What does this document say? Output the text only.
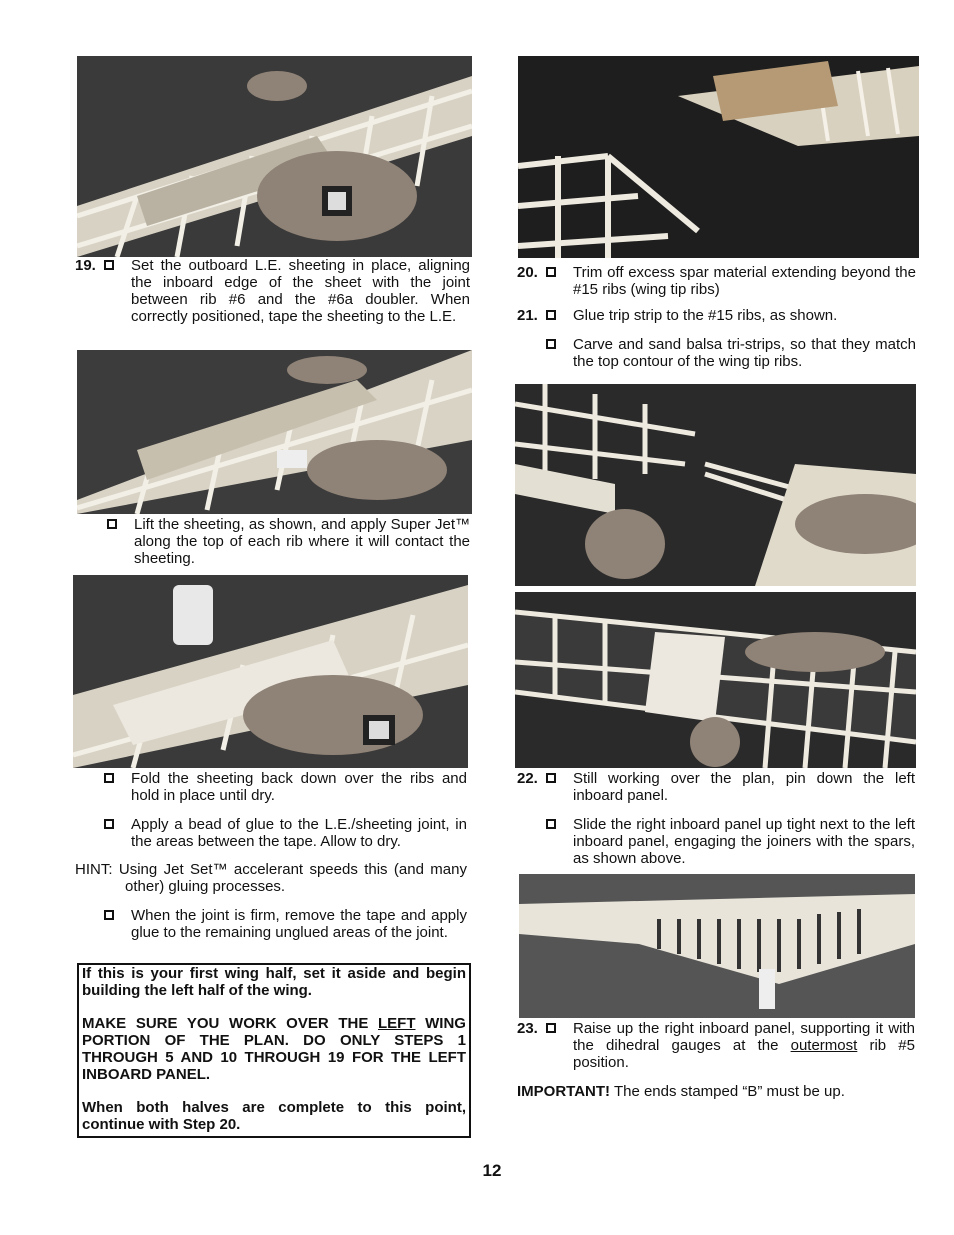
19. Set the outboard L.E. sheeting in place, aligning the inboard edge of the sheet with the joint between rib #6 and the #6a doubler. When correctly positioned, tape the sheeting to the L.E.
Lift the sheeting, as shown, and apply Super Jet™ along the top of each rib where it will contact the sheeting.
Fold the sheeting back down over the ribs and hold in place until dry.
Apply a bead of glue to the L.E./sheeting joint, in the areas between the tape. Allow to dry.
HINT: Using Jet Set™ accelerant speeds this (and many other) gluing processes.
When the joint is firm, remove the tape and apply glue to the remaining unglued areas of the joint.

If this is your first wing half, set it aside and begin building the left half of the wing.

MAKE SURE YOU WORK OVER THE LEFT WING PORTION OF THE PLAN. DO ONLY STEPS 1 THROUGH 5 AND 10 THROUGH 19 FOR THE LEFT INBOARD PANEL.

When both halves are complete to this point, continue with Step 20.

20. Trim off excess spar material extending beyond the #15 ribs (wing tip ribs)
21. Glue trip strip to the #15 ribs, as shown.
Carve and sand balsa tri-strips, so that they match the top contour of the wing tip ribs.
22. Still working over the plan, pin down the left inboard panel.
Slide the right inboard panel up tight next to the left inboard panel, engaging the joiners with the spars, as shown above.
23. Raise up the right inboard panel, supporting it with the dihedral gauges at the outermost rib #5 position.
IMPORTANT! The ends stamped “B” must be up.
12
